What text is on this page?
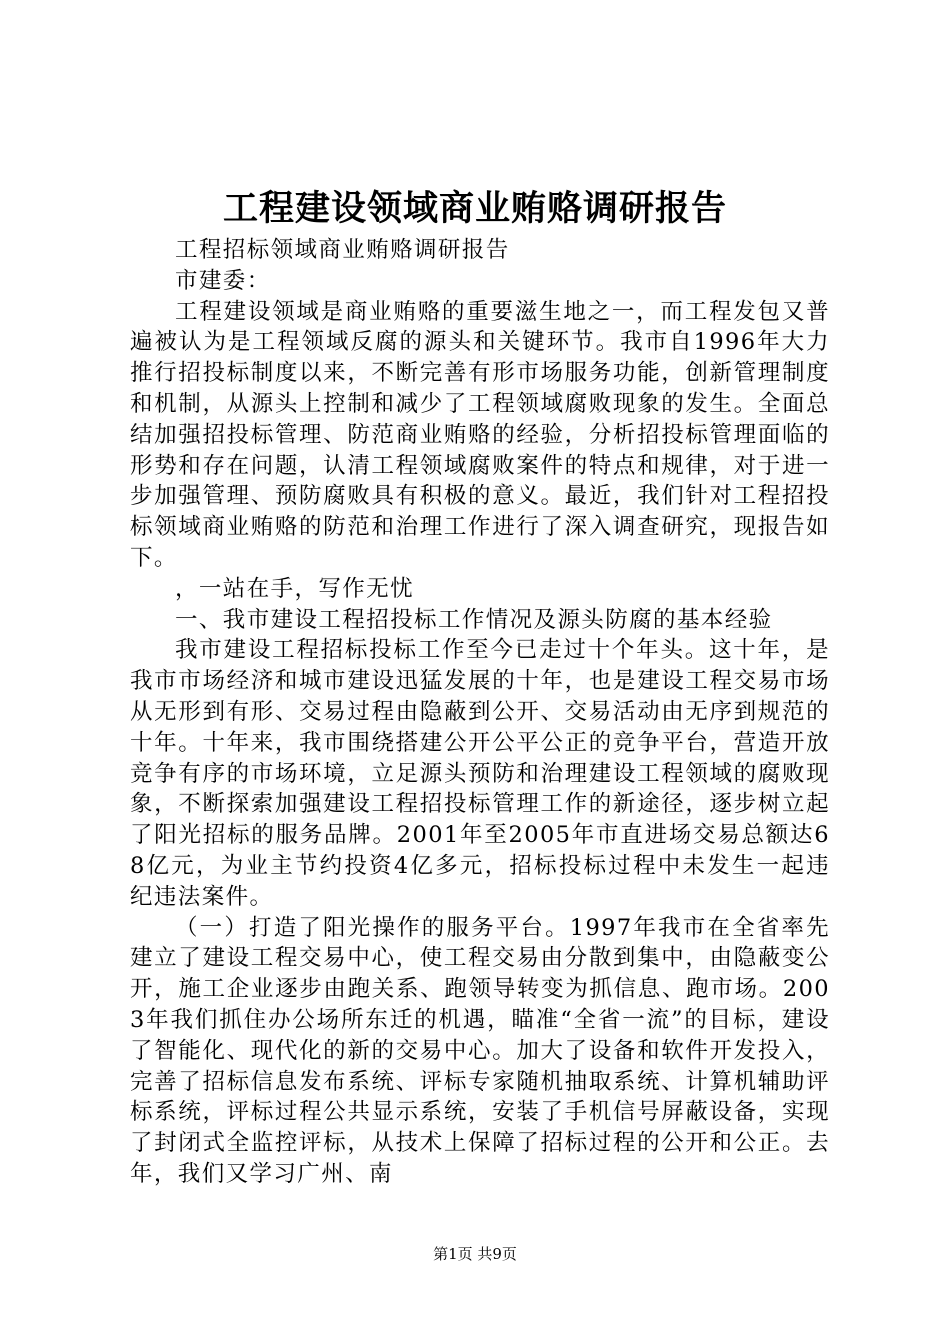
工程建设领域商业贿赂调研报告

工程招标领域商业贿赂调研报告

市建委：

工程建设领域是商业贿赂的重要滋生地之一，而工程发包又普遍被认为是工程领域反腐的源头和关键环节。我市自1996年大力推行招投标制度以来，不断完善有形市场服务功能，创新管理制度和机制，从源头上控制和减少了工程领域腐败现象的发生。全面总结加强招投标管理、防范商业贿赂的经验，分析招投标管理面临的形势和存在问题，认清工程领域腐败案件的特点和规律，对于进一步加强管理、预防腐败具有积极的意义。最近，我们针对工程招投标领域商业贿赂的防范和治理工作进行了深入调查研究，现报告如下。

，一站在手，写作无忧

一、我市建设工程招投标工作情况及源头防腐的基本经验

我市建设工程招标投标工作至今已走过十个年头。这十年，是我市市场经济和城市建设迅猛发展的十年，也是建设工程交易市场从无形到有形、交易过程由隐蔽到公开、交易活动由无序到规范的十年。十年来，我市围绕搭建公开公平公正的竞争平台，营造开放竞争有序的市场环境，立足源头预防和治理建设工程领域的腐败现象，不断探索加强建设工程招投标管理工作的新途径，逐步树立起了阳光招标的服务品牌。2001年至2005年市直进场交易总额达68亿元，为业主节约投资4亿多元，招标投标过程中未发生一起违纪违法案件。

（一）打造了阳光操作的服务平台。1997年我市在全省率先建立了建设工程交易中心，使工程交易由分散到集中，由隐蔽变公开，施工企业逐步由跑关系、跑领导转变为抓信息、跑市场。2003年我们抓住办公场所东迁的机遇，瞄准“全省一流”的目标，建设了智能化、现代化的新的交易中心。加大了设备和软件开发投入，完善了招标信息发布系统、评标专家随机抽取系统、计算机辅助评标系统，评标过程公共显示系统，安装了手机信号屏蔽设备，实现了封闭式全监控评标，从技术上保障了招标过程的公开和公正。去年，我们又学习广州、南

第1页 共9页
